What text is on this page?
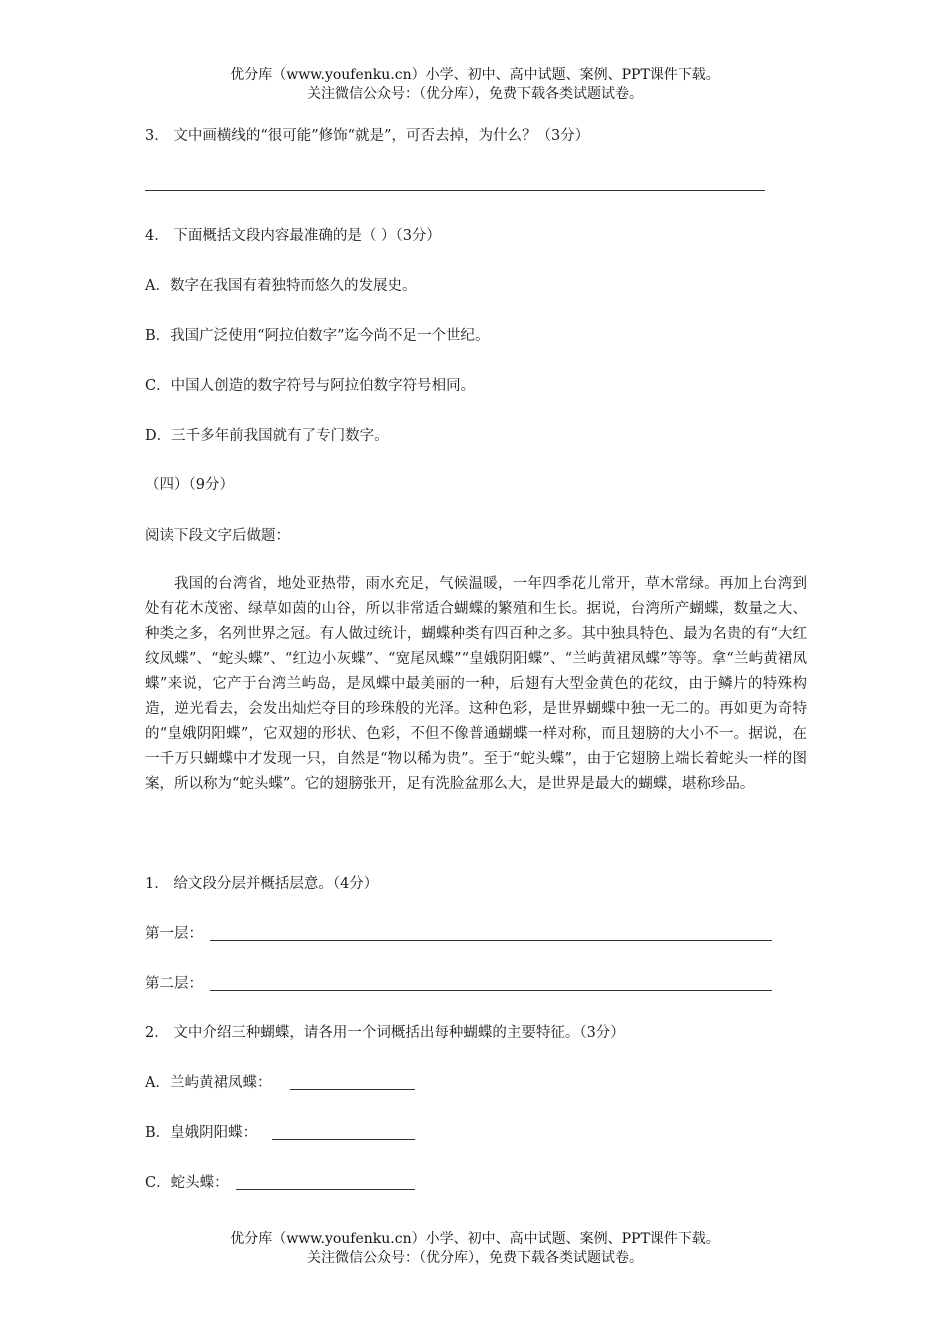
优分库（www.youfenku.cn）小学、初中、高中试题、案例、PPT课件下载。
关注微信公众号：（优分库），免费下载各类试题试卷。
3． 文中画横线的“很可能”修饰“就是”，可否去掉，为什么？（3分）
4． 下面概括文段内容最准确的是（ ）（3分）
A．数字在我国有着独特而悠久的发展史。
B．我国广泛使用“阿拉伯数字”迄今尚不足一个世纪。
C．中国人创造的数字符号与阿拉伯数字符号相同。
D．三千多年前我国就有了专门数字。
（四）（9分）
阅读下段文字后做题：

我国的台湾省，地处亚热带，雨水充足，气候温暖，一年四季花儿常开，草木常绿。再加上台湾到处有花木茂密、绿草如茵的山谷，所以非常适合蝴蝶的繁殖和生长。据说，台湾所产蝴蝶，数量之大、种类之多，名列世界之冠。有人做过统计，蝴蝶种类有四百种之多。其中独具特色、最为名贵的有“大红纹凤蝶”、“蛇头蝶”、“红边小灰蝶”、“宽尾凤蝶”“皇娥阴阳蝶”、“兰屿黄裙凤蝶”等等。拿“兰屿黄裙凤蝶”来说，它产于台湾兰屿岛，是凤蝶中最美丽的一种，后翅有大型金黄色的花纹，由于鳞片的特殊构造，逆光看去，会发出灿烂夺目的珍珠般的光泽。这种色彩，是世界蝴蝶中独一无二的。再如更为奇特的“皇娥阴阳蝶”，它双翅的形状、色彩，不但不像普通蝴蝶一样对称，而且翅膀的大小不一。据说，在一千万只蝴蝶中才发现一只，自然是“物以稀为贵”。至于“蛇头蝶”，由于它翅膀上端长着蛇头一样的图案，所以称为“蛇头蝶”。它的翅膀张开，足有洗脸盆那么大，是世界是最大的蝴蝶，堪称珍品。

1． 给文段分层并概括层意。（4分）
第一层：
第二层：
2． 文中介绍三种蝴蝶，请各用一个词概括出每种蝴蝶的主要特征。（3分）
A．兰屿黄裙凤蝶：
B．皇娥阴阳蝶：
C．蛇头蝶：
优分库（www.youfenku.cn）小学、初中、高中试题、案例、PPT课件下载。
关注微信公众号：（优分库），免费下载各类试题试卷。
